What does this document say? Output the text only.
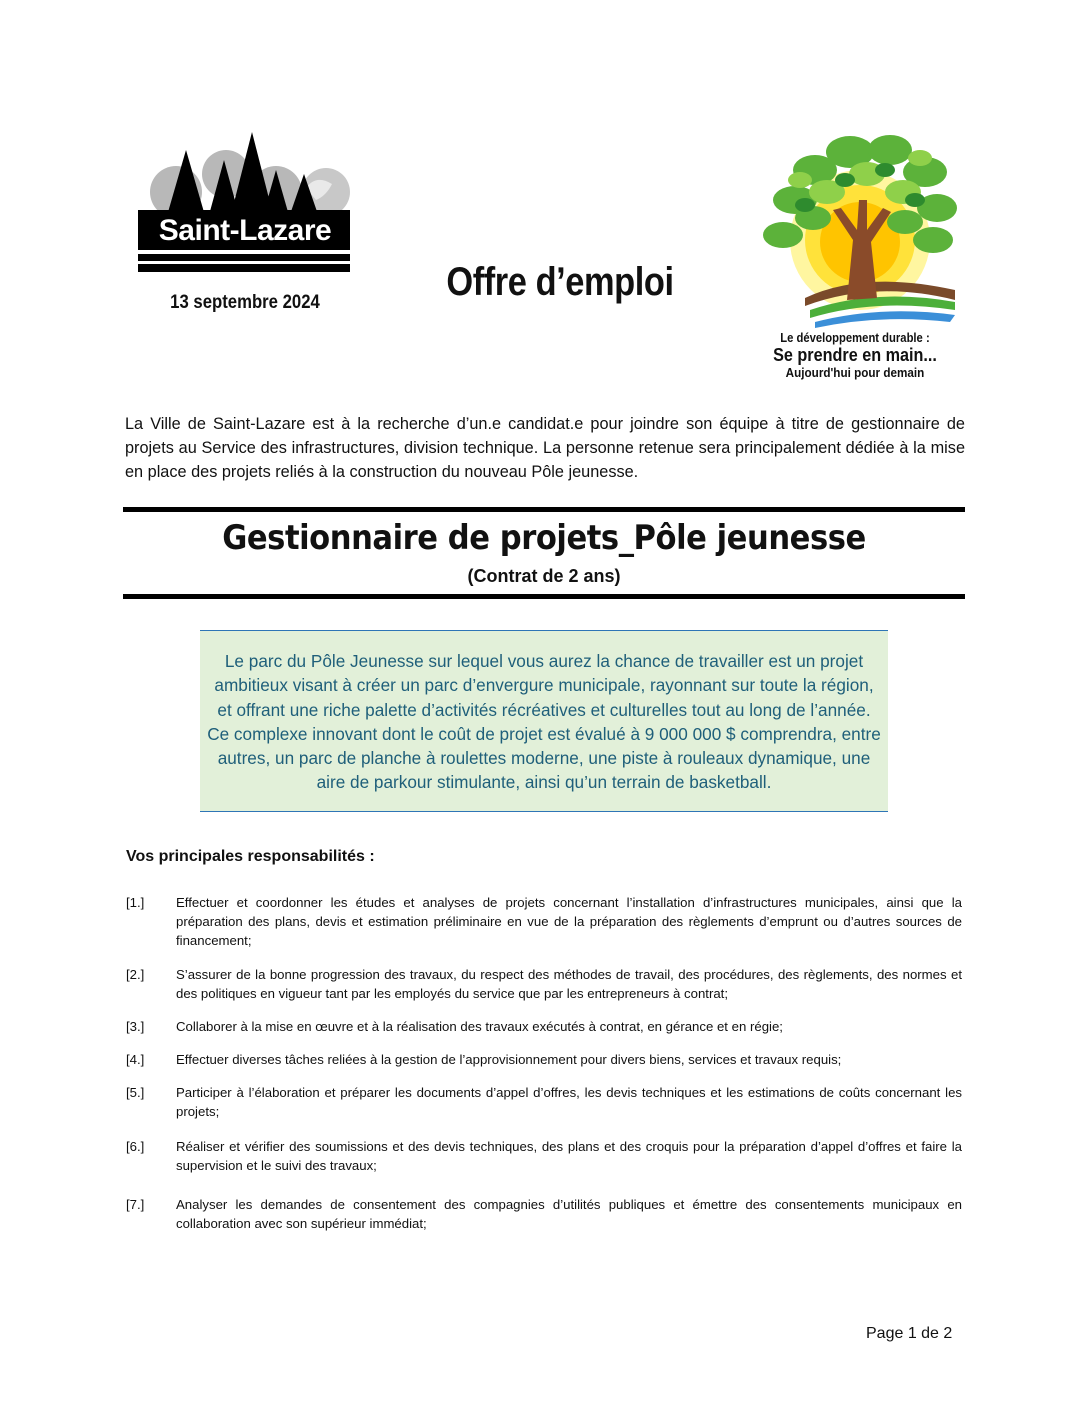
Saint-Lazare
13 septembre 2024	Offre d’emploi
Le développement durable :
Se prendre en main...
Aujourd'hui pour demain
La Ville de Saint-Lazare est à la recherche d’un.e candidat.e pour joindre son équipe à titre de gestionnaire de projets au Service des infrastructures, division technique. La personne retenue sera principalement dédiée à la mise en place des projets reliés à la construction du nouveau Pôle jeunesse.
Gestionnaire de projets_Pôle jeunesse
(Contrat de 2 ans)
Le parc du Pôle Jeunesse sur lequel vous aurez la chance de travailler est un projet ambitieux visant à créer un parc d’envergure municipale, rayonnant sur toute la région, et offrant une riche palette d’activités récréatives et culturelles tout au long de l’année. Ce complexe innovant dont le coût de projet est évalué à 9 000 000 $ comprendra, entre autres, un parc de planche à roulettes moderne, une piste à rouleaux dynamique, une aire de parkour stimulante, ainsi qu’un terrain de basketball.
Vos principales responsabilités :
[1.]	Effectuer et coordonner les études et analyses de projets concernant l’installation d’infrastructures municipales, ainsi que la préparation des plans, devis et estimation préliminaire en vue de la préparation des règlements d’emprunt ou d’autres sources de financement;
[2.]	S’assurer de la bonne progression des travaux, du respect des méthodes de travail, des procédures, des règlements, des normes et des politiques en vigueur tant par les employés du service que par les entrepreneurs à contrat;
[3.]	Collaborer à la mise en œuvre et à la réalisation des travaux exécutés à contrat, en gérance et en régie;
[4.]	Effectuer diverses tâches reliées à la gestion de l’approvisionnement pour divers biens, services et travaux requis;
[5.]	Participer à l’élaboration et préparer les documents d’appel d’offres, les devis techniques et les estimations de coûts concernant les projets;
[6.]	Réaliser et vérifier des soumissions et des devis techniques, des plans et des croquis pour la préparation d’appel d’offres et faire la supervision et le suivi des travaux;
[7.]	Analyser les demandes de consentement des compagnies d’utilités publiques et émettre des consentements municipaux en collaboration avec son supérieur immédiat;
Page 1 de 2
